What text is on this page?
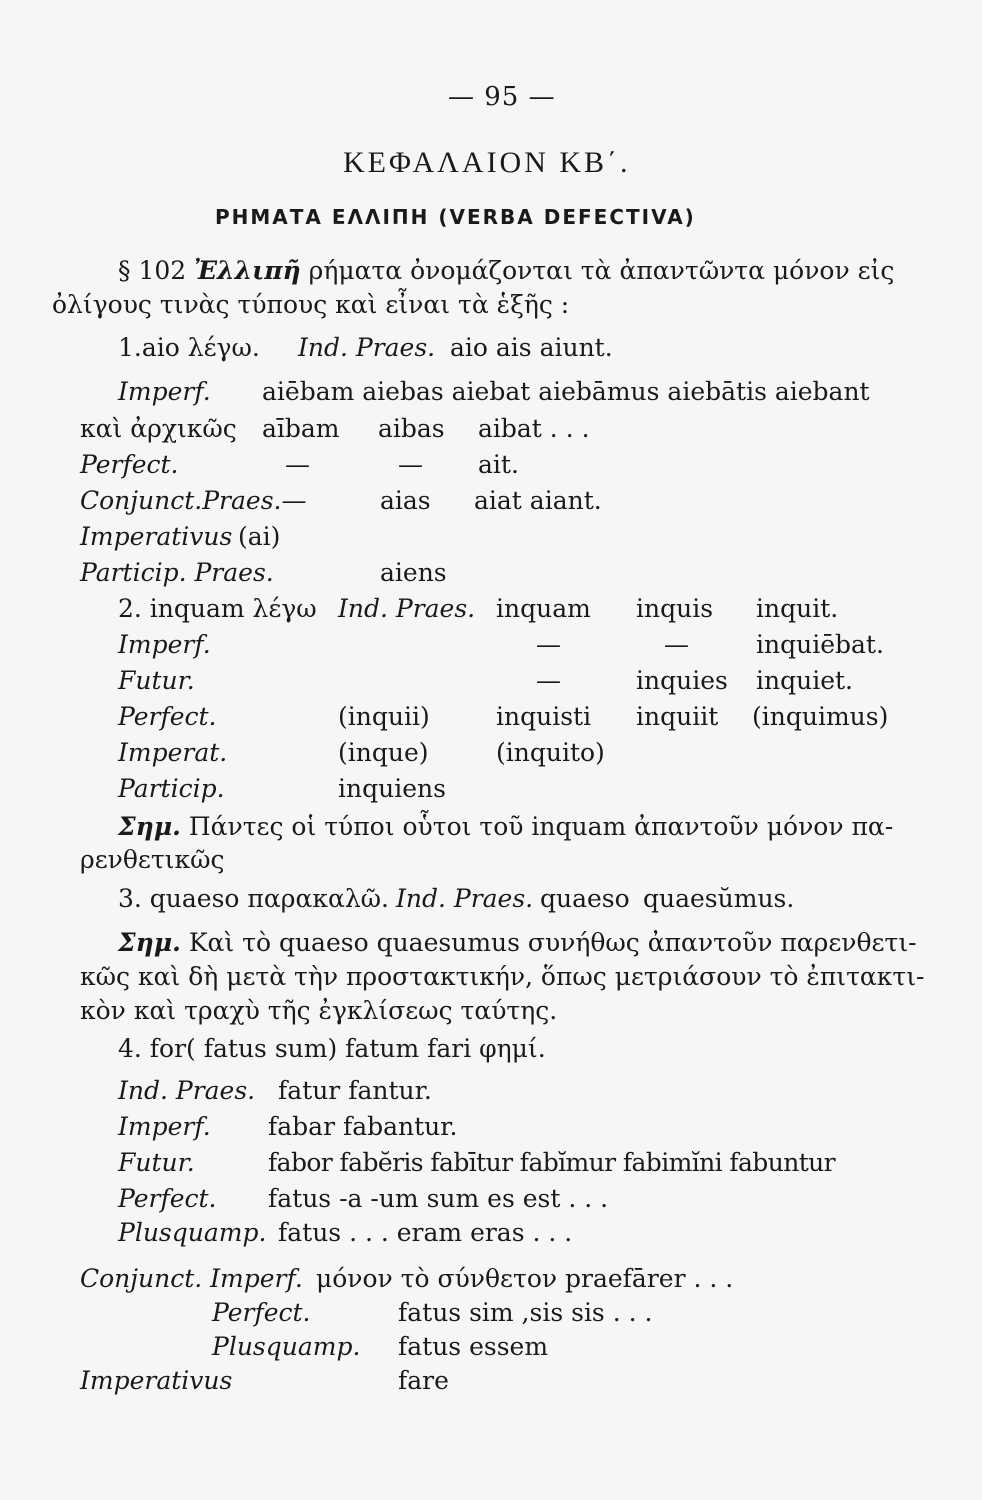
— 95 —
ΚΕΦΑΛΑΙΟΝ ΚΒ΄.
ΡΗΜΑΤΑ ΕΛΛΙΠΗ (VERBA DEFECTIVA)
§ 102 Ἐλλιπῆ ρήματα ὀνομάζονται τὰ ἀπαντῶντα μόνον εἰς
ὀλίγους τινὰς τύπους καὶ εἶναι τὰ ἑξῆς :
1.aio λέγω. Ind. Praes. aio ais aiunt.
Imperf. aiēbam aiebas aiebat aiebāmus aiebātis aiebant
καὶ ἀρχικῶς aībam aibas aibat . . .
Perfect.	—	— ait.
Conjunct.Praes.—	aias aiat aiant.
Imperativus (ai)
Particip. Praes.	aiens
2. inquam λέγω Ind. Praes. inquam inquis inquit.
Imperf.	—	—	inquiēbat.
Futur.	—	inquies inquiet.
Perfect.	(inquii)	inquisti inquiit (inquimus)
Imperat.	(inque)	(inquito)
Particip.	inquiens
Σημ. Πάντες οἱ τύποι οὗτοι τοῦ inquam ἀπαντοῦν μόνον πα-
ρενθετικῶς
3. quaeso παρακαλῶ. Ind. Praes. quaeso quaesŭmus.
Σημ. Καὶ τὸ quaeso quaesumus συνήθως ἀπαντοῦν παρενθετι-
κῶς καὶ δὴ μετὰ τὴν προστακτικήν, ὅπως μετριάσουν τὸ ἐπιτακτι-
κὸν καὶ τραχὺ τῆς ἐγκλίσεως ταύτης.
4. for( fatus sum) fatum fari φημί.
Ind. Praes. fatur fantur.
Imperf. fabar fabantur.
Futur.	fabor fabĕris fabītur fabĭmur fabimĭni fabuntur
Perfect. fatus -a -um sum es est . . .
Plusquamp. fatus . . . eram eras . . .
Conjunct. Imperf. μόνον τὸ σύνθετον praefārer . . .
Perfect.	fatus sim ,sis sis . . .
Plusquamp. fatus essem
Imperativus	fare
